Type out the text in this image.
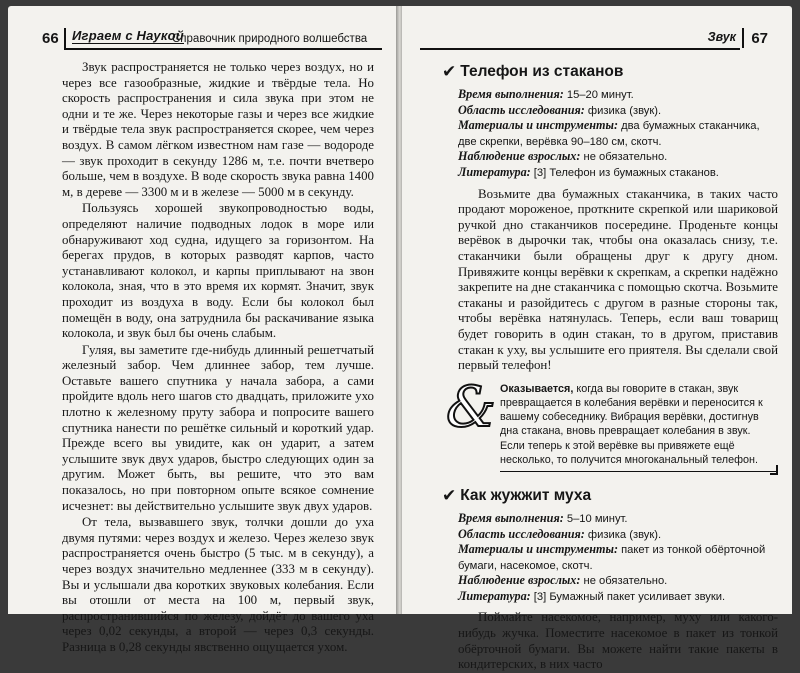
66 Играем с Наукой
Справочник природного волшебства

Звук распространяется не только через воздух, но и через все газообразные, жидкие и твёрдые тела. Но скорость распространения и сила звука при этом не одни и те же. Через некоторые газы и через все жидкие и твёрдые тела звук распространяется скорее, чем через воздух. В самом лёгком известном нам газе — водороде — звук проходит в секунду 1286 м, т.е. почти вчетверо больше, чем в воздухе. В воде скорость звука равна 1400 м, в дереве — 3300 м и в железе — 5000 м в секунду.

Пользуясь хорошей звукопроводностью воды, определяют наличие подводных лодок в море или обнаруживают ход судна, идущего за горизонтом. На берегах прудов, в которых разводят карпов, часто устанавливают колокол, и карпы приплывают на звон колокола, зная, что в это время их кормят. Значит, звук проходит из воздуха в воду. Если бы колокол был помещён в воду, она затруднила бы раскачивание языка колокола, и звук был бы очень слабым.

Гуляя, вы заметите где-нибудь длинный решетчатый железный забор. Чем длиннее забор, тем лучше. Оставьте вашего спутника у начала забора, а сами пройдите вдоль него шагов сто двадцать, приложите ухо плотно к железному пруту забора и попросите вашего спутника нанести по решётке сильный и короткий удар. Прежде всего вы увидите, как он ударит, а затем услышите звук двух ударов, быстро следующих один за другим. Может быть, вы решите, что это вам показалось, но при повторном опыте всякое сомнение исчезнет: вы действительно услышите звук двух ударов.

От тела, вызвавшего звук, толчки дошли до уха двумя путями: через воздух и железо. Через железо звук распространяется очень быстро (5 тыс. м в секунду), а через воздух значительно медленнее (333 м в секунду). Вы и услышали два коротких звуковых колебания. Если вы отошли от места на 100 м, первый звук, распространившийся по железу, дойдёт до вашего уха через 0,02 секунды, а второй — через 0,3 секунды. Разница в 0,28 секунды явственно ощущается ухом.

Звук 67
✔ Телефон из стаканов
Время выполнения: 15–20 минут.
Область исследования: физика (звук).
Материалы и инструменты: два бумажных стаканчика, две скрепки, верёвка 90–180 см, скотч.
Наблюдение взрослых: не обязательно.
Литература: [3] Телефон из бумажных стаканов.

Возьмите два бумажных стаканчика, в таких часто продают мороженое, проткните скрепкой или шариковой ручкой дно стаканчиков посередине. Проденьте концы верёвок в дырочки так, чтобы она оказалась снизу, т.е. стаканчики были обращены друг к другу дном. Привяжите концы верёвки к скрепкам, а скрепки надёжно закрепите на дне стаканчика с помощью скотча. Возьмите стаканы и разойдитесь с другом в разные стороны так, чтобы верёвка натянулась. Теперь, если ваш товарищ будет говорить в один стакан, то в другом, приставив стакан к уху, вы услышите его приятеля. Вы сделали свой первый телефон!

& Оказывается, когда вы говорите в стакан, звук превращается в колебания верёвки и переносится к вашему собеседнику. Вибрация верёвки, достигнув дна стакана, вновь превращает колебания в звук. Если теперь к этой верёвке вы привяжете ещё несколько, то получится многоканальный телефон.
✔ Как жужжит муха
Время выполнения: 5–10 минут.
Область исследования: физика (звук).
Материалы и инструменты: пакет из тонкой обёрточной бумаги, насекомое, скотч.
Наблюдение взрослых: не обязательно.
Литература: [3] Бумажный пакет усиливает звуки.

Поймайте насекомое, например, муху или какого-нибудь жучка. Поместите насекомое в пакет из тонкой обёрточной бумаги. Вы можете найти такие пакеты в кондитерских, в них часто
